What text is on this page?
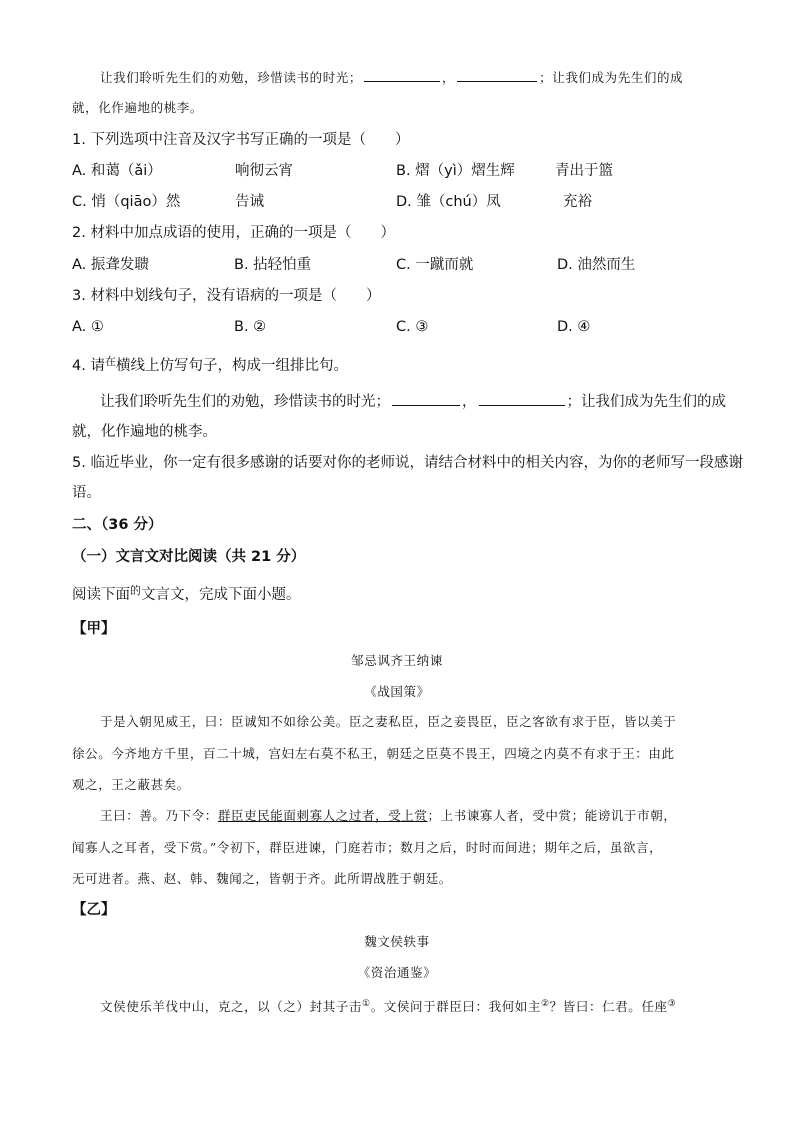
让我们聆听先生们的劝勉，珍惜读书的时光；	，	；让我们成为先生们的成
就，化作遍地的桃李。
1. 下列选项中注音及汉字书写正确的一项是（　　）
A. 和蔼（ǎi）	响彻云宵	B. 熠（yì）熠生辉	青出于篮
C. 悄（qiāo）然	告诫	D. 雏（chú）凤	充裕
2. 材料中加点成语的使用，正确的一项是（　　）
A. 振聋发聩	B. 拈轻怕重	C. 一蹴而就	D. 油然而生
3. 材料中划线句子，没有语病的一项是（　　）
A. ①	B. ②	C. ③	D. ④
4. 请$^在$横线上仿写句子，构成一组排比句。
让我们聆听先生们的劝勉，珍惜读书的时光；	，	；让我们成为先生们的成
就，化作遍地的桃李。
5. 临近毕业，你一定有很多感谢的话要对你的老师说，请结合材料中的相关内容，为你的老师写一段感谢
语。
二、（36 分）
（一）文言文对比阅读（共 21 分）
阅读下面$^的$文言文，完成下面小题。
【甲】
邹忌讽齐王纳谏
《战国策》
于是入朝见威王，曰：臣诚知不如徐公美。臣之妻私臣，臣之妾畏臣，臣之客欲有求于臣，皆以美于
徐公。今齐地方千里，百二十城，宫妇左右莫不私王，朝廷之臣莫不畏王，四境之内莫不有求于王：由此
观之，王之蔽甚矣。
王曰：善。乃下令：群臣吏民能面刺寡人之过者，受上赏；上书谏寡人者，受中赏；能谤讥于市朝，
闻寡人之耳者，受下赏。”令初下，群臣进谏，门庭若市；数月之后，时时而间进；期年之后，虽欲言，
无可进者。燕、赵、韩、魏闻之，皆朝于齐。此所谓战胜于朝廷。
【乙】
魏文侯轶事
《资治通鉴》
文侯使乐羊伐中山，克之，以（之）封其子击①。文侯问于群臣曰：我何如主②？皆曰：仁君。任座③
